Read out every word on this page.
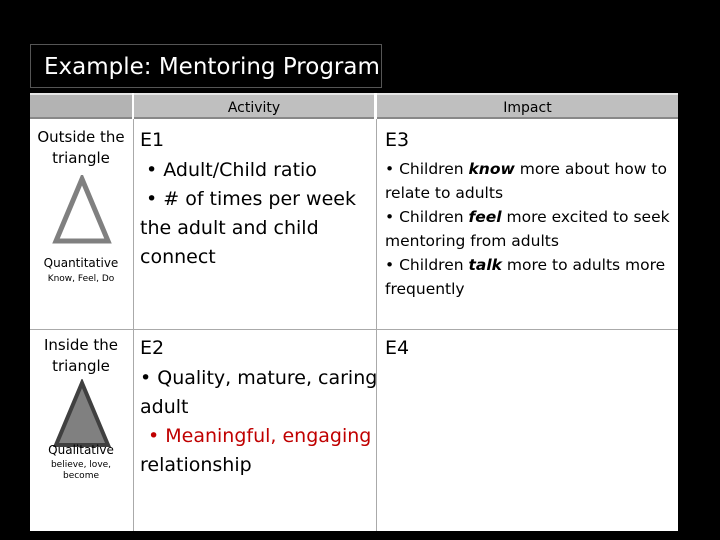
Example: Mentoring Program
Activity	Impact
Outside the
triangle
Quantitative
Know, Feel, Do
E1
• Adult/Child ratio
• # of times per week
the adult and child
connect
E3
• Children know more about how to
relate to adults
• Children feel more excited to seek
mentoring from adults
• Children talk more to adults more
frequently
Inside the
triangle
Qualitative
believe, love,
become
E2
• Quality, mature, caring
adult
• Meaningful, engaging
relationship
E4
